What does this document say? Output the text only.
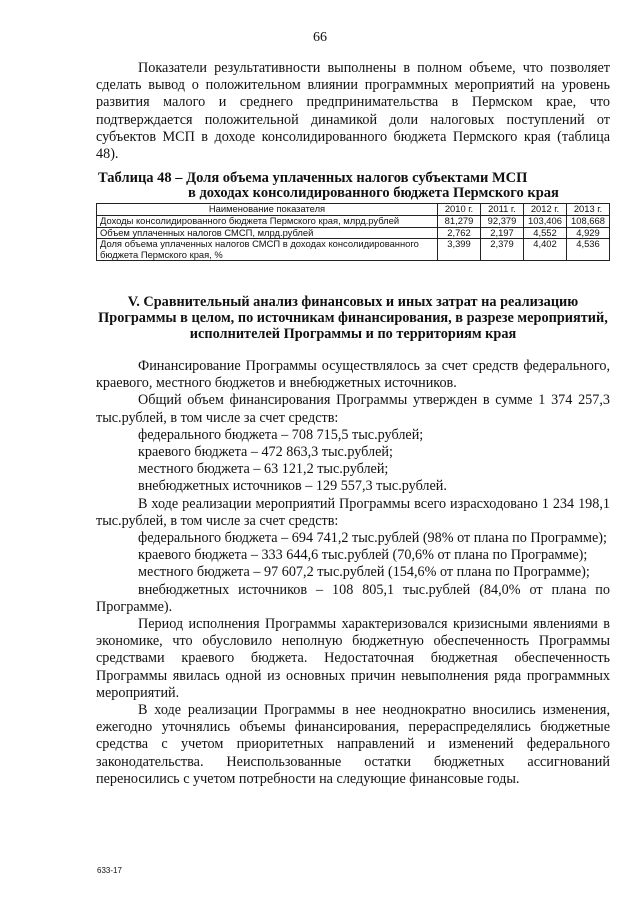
66

Показатели результативности выполнены в полном объеме, что позволяет сделать вывод о положительном влиянии программных мероприятий на уровень развития малого и среднего предпринимательства в Пермском крае, что подтверждается положительной динамикой доли налоговых поступлений от субъектов МСП в доходе консолидированного бюджета Пермского края (таблица 48).

Таблица 48 – Доля объема уплаченных налогов субъектами МСП
в доходах консолидированного бюджета Пермского края
Наименование показателя	2010 г.	2011 г.	2012 г.	2013 г.
Доходы консолидированного бюджета Пермского края, млрд.рублей	81,279	92,379	103,406	108,668
Объем уплаченных налогов СМСП, млрд.рублей	2,762	2,197	4,552	4,929
Доля объема уплаченных налогов СМСП в доходах консолидированного бюджета Пермского края, %	3,399	2,379	4,402	4,536
V. Сравнительный анализ финансовых и иных затрат на реализацию Программы в целом, по источникам финансирования, в разрезе мероприятий, исполнителей Программы и по территориям края

Финансирование Программы осуществлялось за счет средств федерального, краевого, местного бюджетов и внебюджетных источников.

Общий объем финансирования Программы утвержден в сумме 1 374 257,3 тыс.рублей, в том числе за счет средств:

федерального бюджета – 708 715,5 тыс.рублей;

краевого бюджета – 472 863,3 тыс.рублей;

местного бюджета – 63 121,2 тыс.рублей;

внебюджетных источников – 129 557,3 тыс.рублей.

В ходе реализации мероприятий Программы всего израсходовано 1 234 198,1 тыс.рублей, в том числе за счет средств:

федерального бюджета – 694 741,2 тыс.рублей (98% от плана по Программе);

краевого бюджета – 333 644,6 тыс.рублей (70,6% от плана по Программе);

местного бюджета – 97 607,2 тыс.рублей (154,6% от плана по Программе);

внебюджетных источников – 108 805,1 тыс.рублей (84,0% от плана по Программе).

Период исполнения Программы характеризовался кризисными явлениями в экономике, что обусловило неполную бюджетную обеспеченность Программы средствами краевого бюджета. Недостаточная бюджетная обеспеченность Программы явилась одной из основных причин невыполнения ряда программных мероприятий.

В ходе реализации Программы в нее неоднократно вносились изменения, ежегодно уточнялись объемы финансирования, перераспределялись бюджетные средства с учетом приоритетных направлений и изменений федерального законодательства. Неиспользованные остатки бюджетных ассигнований переносились с учетом потребности на следующие финансовые годы.

633-17
